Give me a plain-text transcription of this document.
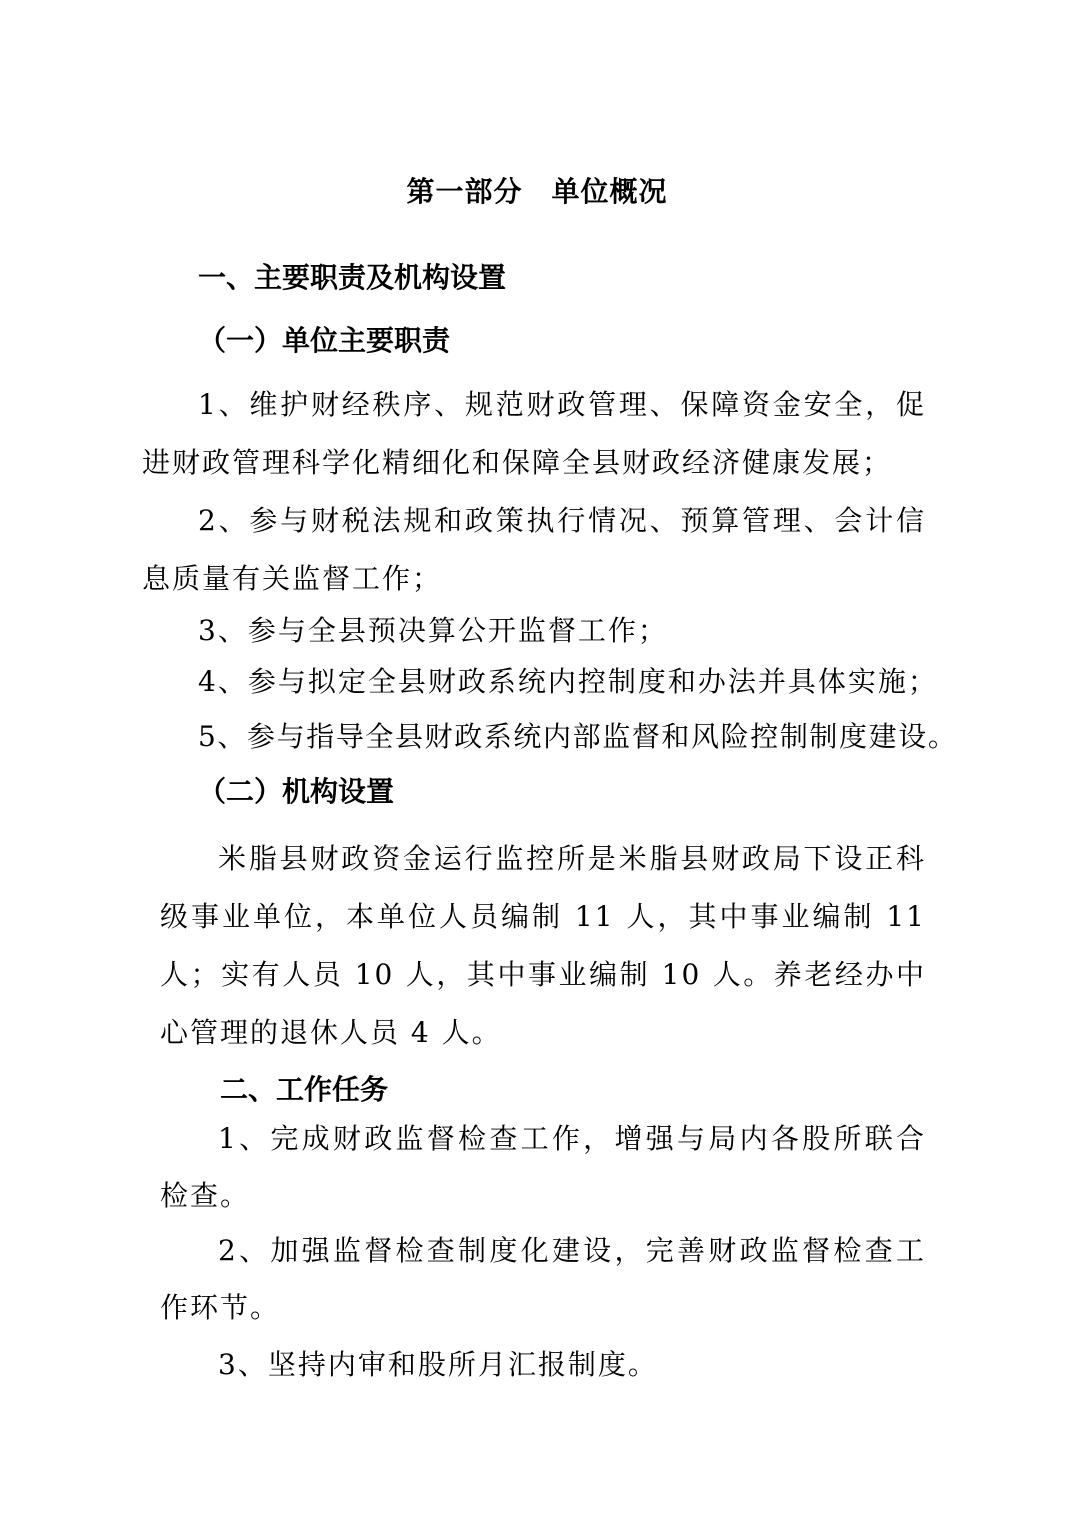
第一部分　单位概况
一、主要职责及机构设置
（一）单位主要职责
1、维护财经秩序、规范财政管理、保障资金安全，促进财政管理科学化精细化和保障全县财政经济健康发展；
2、参与财税法规和政策执行情况、预算管理、会计信息质量有关监督工作；
3、参与全县预决算公开监督工作；
4、参与拟定全县财政系统内控制度和办法并具体实施；
5、参与指导全县财政系统内部监督和风险控制制度建设。
（二）机构设置
米脂县财政资金运行监控所是米脂县财政局下设正科级事业单位，本单位人员编制 11 人，其中事业编制 11 人；实有人员 10 人，其中事业编制 10 人。养老经办中心管理的退休人员 4 人。
二、工作任务
1、完成财政监督检查工作，增强与局内各股所联合检查。
2、加强监督检查制度化建设，完善财政监督检查工作环节。
3、坚持内审和股所月汇报制度。
